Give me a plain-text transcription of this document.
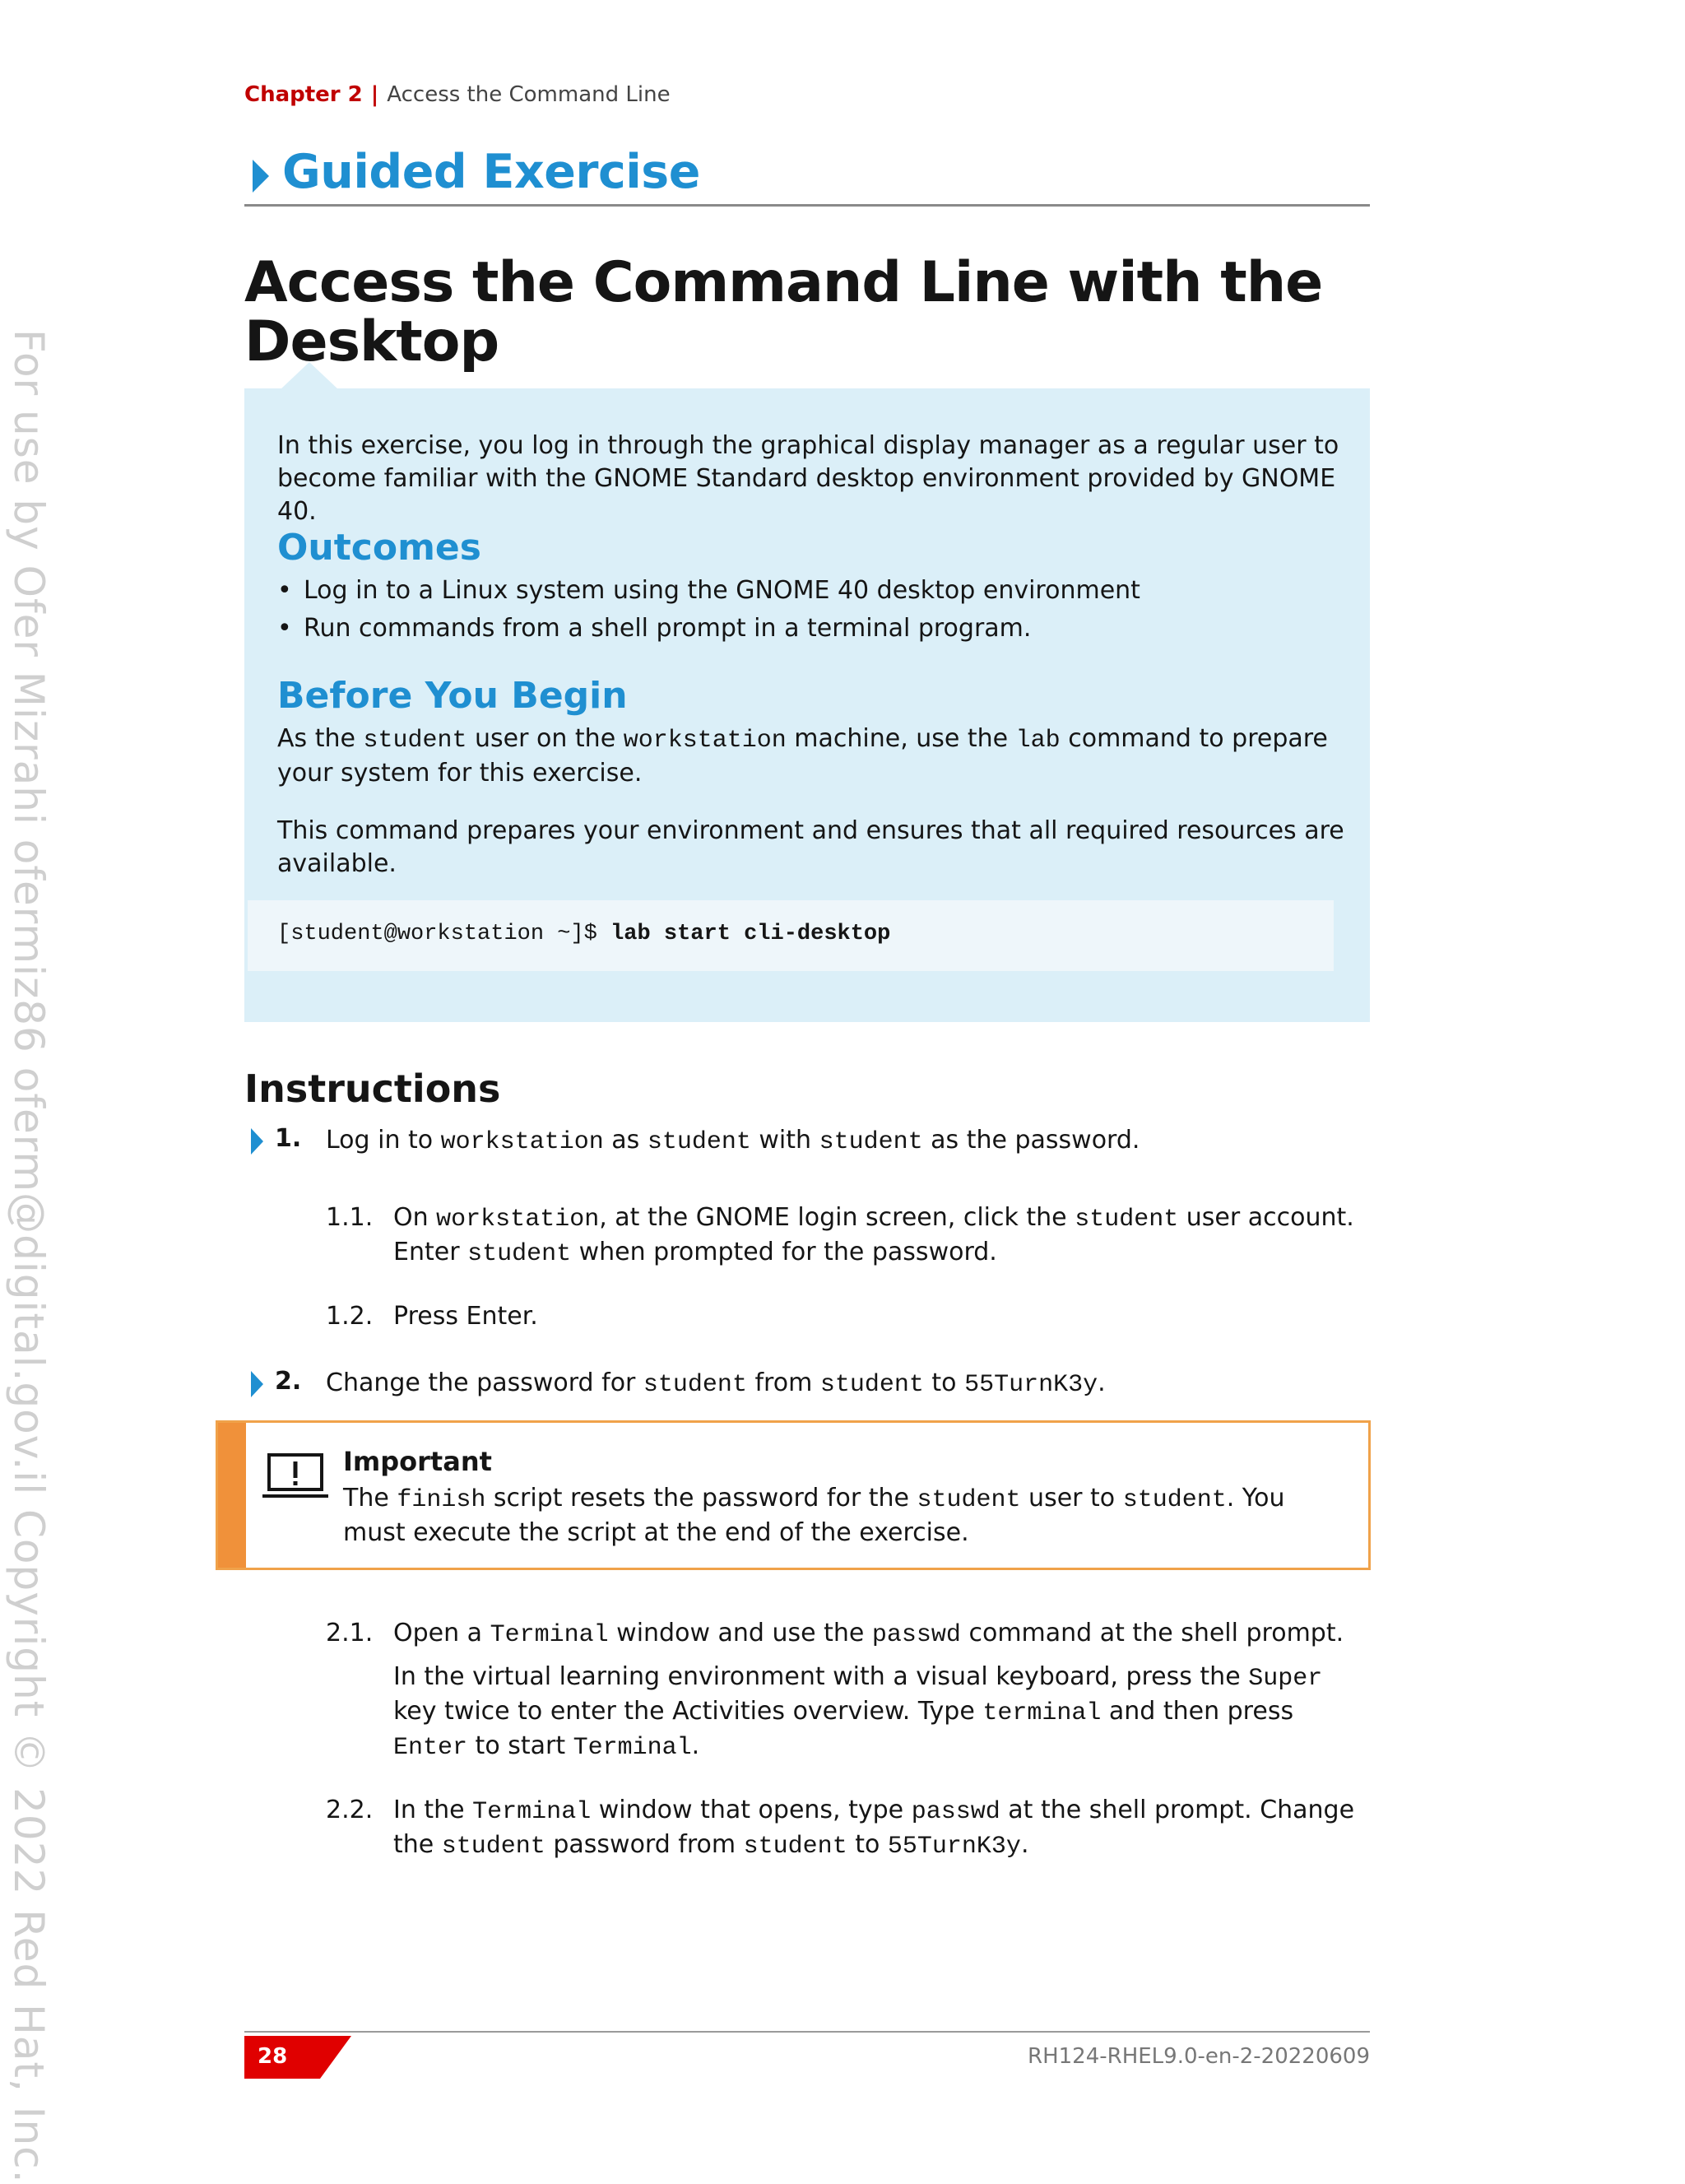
Chapter 2 | Access the Command Line
Guided Exercise
Access the Command Line with the Desktop
In this exercise, you log in through the graphical display manager as a regular user to become familiar with the GNOME Standard desktop environment provided by GNOME 40.
Outcomes
• Log in to a Linux system using the GNOME 40 desktop environment
• Run commands from a shell prompt in a terminal program.
Before You Begin
As the student user on the workstation machine, use the lab command to prepare your system for this exercise.
This command prepares your environment and ensures that all required resources are available.
[student@workstation ~]$ lab start cli-desktop
Instructions
1. Log in to workstation as student with student as the password.
1.1. On workstation, at the GNOME login screen, click the student user account. Enter student when prompted for the password.
1.2. Press Enter.
2. Change the password for student from student to 55TurnK3y.
Important
The finish script resets the password for the student user to student. You must execute the script at the end of the exercise.
2.1. Open a Terminal window and use the passwd command at the shell prompt.
In the virtual learning environment with a visual keyboard, press the Super key twice to enter the Activities overview. Type terminal and then press Enter to start Terminal.
2.2. In the Terminal window that opens, type passwd at the shell prompt. Change the student password from student to 55TurnK3y.
28	RH124-RHEL9.0-en-2-20220609
For use by Ofer Mizrahi ofermiz86 oferm@digital.gov.il Copyright © 2022 Red Hat, Inc.
